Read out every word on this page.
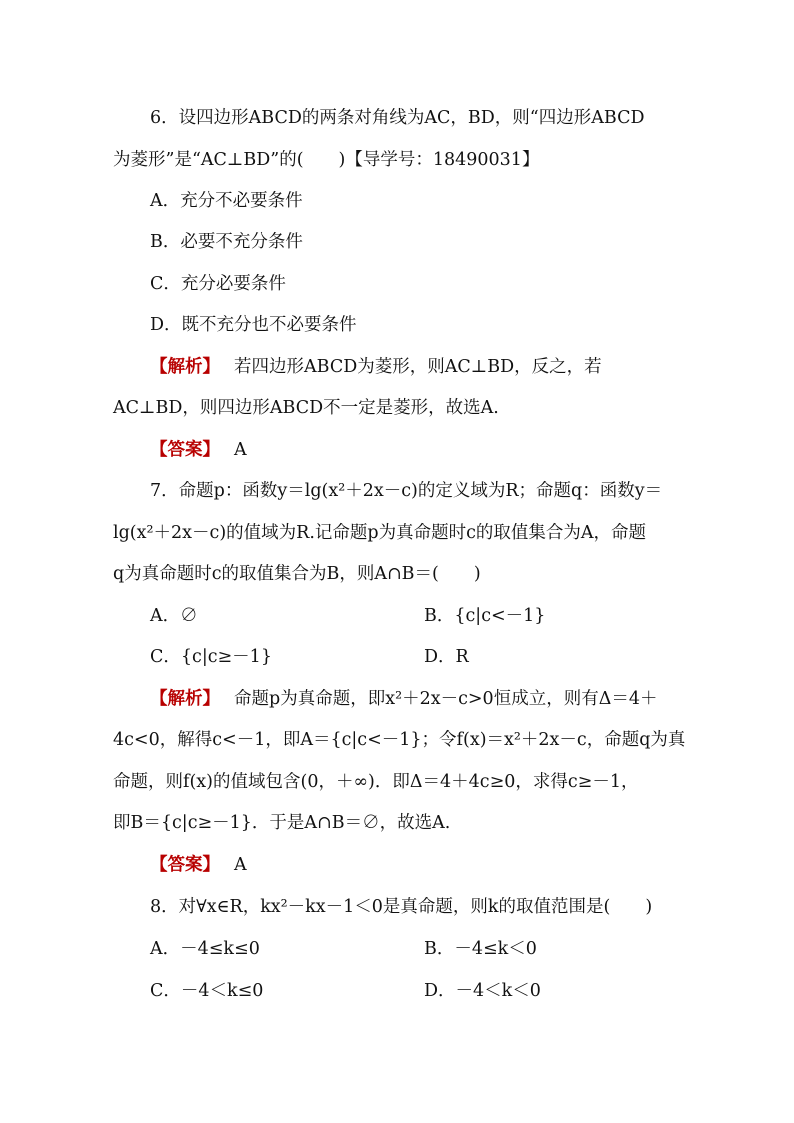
6．设四边形ABCD的两条对角线为AC，BD，则“四边形ABCD
为菱形”是“AC⊥BD”的(　　)【导学号：18490031】
A．充分不必要条件
B．必要不充分条件
C．充分必要条件
D．既不充分也不必要条件
【解析】 若四边形ABCD为菱形，则AC⊥BD，反之，若
AC⊥BD，则四边形ABCD不一定是菱形，故选A.
【答案】 A
7．命题p：函数y＝lg(x²＋2x－c)的定义域为R；命题q：函数y＝
lg(x²＋2x－c)的值域为R.记命题p为真命题时c的取值集合为A，命题
q为真命题时c的取值集合为B，则A∩B＝(　　)
A．∅	B．{c|c<－1}
C．{c|c≥－1}	D．R
【解析】 命题p为真命题，即x²＋2x－c>0恒成立，则有Δ＝4＋
4c<0，解得c<－1，即A＝{c|c<－1}；令f(x)＝x²＋2x－c，命题q为真
命题，则f(x)的值域包含(0，＋∞)．即Δ＝4＋4c≥0，求得c≥－1，
即B＝{c|c≥－1}．于是A∩B＝∅，故选A.
【答案】 A
8．对∀x∈R，kx²－kx－1＜0是真命题，则k的取值范围是(　　)
A．－4≤k≤0	B．－4≤k＜0
C．－4＜k≤0	D．－4＜k＜0
